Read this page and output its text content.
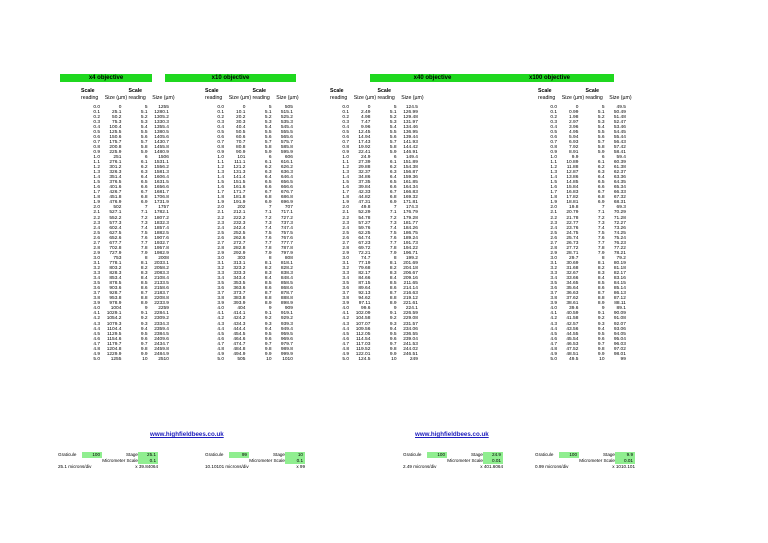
x4 objective
Scale
reading	Size (µm)
0.0	0
0.1	25.1
0.2	50.2
0.3	75.3
0.4	100.4
0.5	125.5
0.6	150.6
0.7	175.7
0.8	200.8
0.9	225.9
1.0	251
1.1	276.1
1.2	301.2
1.3	326.3
1.4	351.4
1.5	376.5
1.6	401.6
1.7	426.7
1.8	451.8
1.9	476.9
2.0	502
2.1	527.1
2.2	552.2
2.3	577.3
2.4	602.4
2.5	627.5
2.6	652.6
2.7	677.7
2.8	702.8
2.9	727.9
3.0	753
3.1	778.1
3.2	803.2
3.3	828.3
3.4	853.4
3.5	878.5
3.6	903.6
3.7	928.7
3.8	953.8
3.9	978.9
4.0	1004
4.1	1029.1
4.2	1054.2
4.3	1079.3
4.4	1104.4
4.5	1129.5
4.6	1154.6
4.7	1179.7
4.8	1204.8
4.9	1229.9
5.0	1255
Scale
reading	Size (µm)
5	1255
5.1	1280.1
5.2	1305.2
5.3	1330.3
5.4	1355.4
5.5	1380.5
5.6	1405.6
5.7	1430.7
5.8	1455.8
5.9	1480.9
6	1506
6.1	1531.1
6.2	1556.2
6.3	1581.3
6.4	1606.4
6.5	1631.5
6.6	1656.6
6.7	1681.7
6.8	1706.8
6.9	1731.9
7	1757
7.1	1782.1
7.2	1807.2
7.3	1832.3
7.4	1857.4
7.5	1882.5
7.6	1907.6
7.7	1932.7
7.8	1957.8
7.9	1982.9
8	2008
8.1	2033.1
8.2	2058.2
8.3	2083.3
8.4	2108.4
8.5	2133.5
8.6	2158.6
8.7	2183.7
8.8	2208.8
8.9	2233.9
9	2259
9.1	2284.1
9.2	2309.2
9.3	2334.3
9.4	2359.4
9.5	2384.5
9.6	2409.6
9.7	2434.7
9.8	2459.8
9.9	2484.9
10	2510
x10 objective
Scale
reading	Size (µm)
0.0	0
0.1	10.1
0.2	20.2
0.3	30.3
0.4	40.4
0.5	50.5
0.6	60.6
0.7	70.7
0.8	80.8
0.9	90.9
1.0	101
1.1	111.1
1.2	121.2
1.3	131.3
1.4	141.4
1.5	151.5
1.6	161.6
1.7	171.7
1.8	181.8
1.9	191.9
2.0	202
2.1	212.1
2.2	222.2
2.3	232.3
2.4	242.4
2.5	252.5
2.6	262.6
2.7	272.7
2.8	282.8
2.9	292.9
3.0	303
3.1	313.1
3.2	323.2
3.3	333.3
3.4	343.4
3.5	353.5
3.6	363.6
3.7	373.7
3.8	383.8
3.9	393.9
4.0	404
4.1	414.1
4.2	424.2
4.3	434.3
4.4	444.4
4.5	454.5
4.6	464.6
4.7	474.7
4.8	484.8
4.9	494.9
5.0	505
Scale
reading	Size (µm)
5	505
5.1	515.1
5.2	525.2
5.3	535.3
5.4	545.4
5.5	555.5
5.6	565.6
5.7	575.7
5.8	585.8
5.9	595.9
6	606
6.1	616.1
6.2	626.2
6.3	636.3
6.4	646.4
6.5	656.5
6.6	666.6
6.7	676.7
6.8	686.8
6.9	696.9
7	707
7.1	717.1
7.2	727.2
7.3	737.3
7.4	747.4
7.5	757.5
7.6	767.6
7.7	777.7
7.8	787.8
7.9	797.9
8	808
8.1	818.1
8.2	828.2
8.3	838.3
8.4	848.4
8.5	858.5
8.6	868.6
8.7	878.7
8.8	888.8
8.9	898.9
9	909
9.1	919.1
9.2	929.2
9.3	939.3
9.4	949.4
9.5	959.5
9.6	969.6
9.7	979.7
9.8	989.8
9.9	999.9
10	1010
x40 objective
Scale
reading	Size (µm)
0.0	0
0.1	2.49
0.2	4.98
0.3	7.47
0.4	9.96
0.5	12.45
0.6	14.94
0.7	17.43
0.8	19.92
0.9	22.41
1.0	24.9
1.1	27.39
1.2	29.88
1.3	32.37
1.4	34.86
1.5	37.35
1.6	39.84
1.7	42.33
1.8	44.82
1.9	47.31
2.0	49.8
2.1	52.29
2.2	54.78
2.3	57.27
2.4	59.76
2.5	62.25
2.6	64.74
2.7	67.23
2.8	69.72
2.9	72.21
3.0	74.7
3.1	77.19
3.2	79.68
3.3	82.17
3.4	84.66
3.5	87.15
3.6	89.64
3.7	92.13
3.8	94.62
3.9	97.11
4.0	99.6
4.1	102.09
4.2	104.58
4.3	107.07
4.4	109.56
4.5	112.05
4.6	114.54
4.7	117.03
4.8	119.52
4.9	122.01
5.0	124.5
Scale
reading	Size (µm)
5	124.5
5.1	126.99
5.2	129.48
5.3	131.97
5.4	134.46
5.5	136.95
5.6	139.44
5.7	141.93
5.8	144.42
5.9	146.91
6	149.4
6.1	151.89
6.2	154.38
6.3	156.87
6.4	159.36
6.5	161.85
6.6	164.34
6.7	166.83
6.8	169.32
6.9	171.81
7	174.3
7.1	176.79
7.2	179.28
7.3	181.77
7.4	184.26
7.5	186.75
7.6	189.24
7.7	191.73
7.8	194.22
7.9	196.71
8	199.2
8.1	201.69
8.2	204.18
8.3	206.67
8.4	209.16
8.5	211.65
8.6	214.14
8.7	216.63
8.8	219.12
8.9	221.61
9	224.1
9.1	226.59
9.2	229.08
9.3	231.57
9.4	234.06
9.5	236.55
9.6	239.04
9.7	241.53
9.8	244.02
9.9	246.51
10	249
x100 objective
Scale
reading	Size (µm)
0.0	0
0.1	0.99
0.2	1.98
0.3	2.97
0.4	3.96
0.5	4.95
0.6	5.94
0.7	6.93
0.8	7.92
0.9	8.91
1.0	9.9
1.1	10.89
1.2	11.88
1.3	12.87
1.4	13.86
1.5	14.85
1.6	15.84
1.7	16.83
1.8	17.82
1.9	18.81
2.0	19.8
2.1	20.79
2.2	21.78
2.3	22.77
2.4	23.76
2.5	24.75
2.6	25.74
2.7	26.73
2.8	27.72
2.9	28.71
3.0	29.7
3.1	30.69
3.2	31.68
3.3	32.67
3.4	33.66
3.5	34.65
3.6	35.64
3.7	36.63
3.8	37.62
3.9	38.61
4.0	39.6
4.1	40.59
4.2	41.58
4.3	42.57
4.4	43.56
4.5	44.55
4.6	45.54
4.7	46.53
4.8	47.52
4.9	48.51
5.0	49.5
Scale
reading	Size (µm)
5	49.5
5.1	50.49
5.2	51.48
5.3	52.47
5.4	53.46
5.5	54.45
5.6	55.44
5.7	56.43
5.8	57.42
5.9	58.41
6	59.4
6.1	60.39
6.2	61.38
6.3	62.37
6.4	63.36
6.5	64.35
6.6	65.34
6.7	66.33
6.8	67.32
6.9	68.31
7	69.3
7.1	70.29
7.2	71.28
7.3	72.27
7.4	73.26
7.5	74.25
7.6	75.24
7.7	76.23
7.8	77.22
7.9	78.21
8	79.2
8.1	80.19
8.2	81.18
8.3	82.17
8.4	83.16
8.5	84.15
8.6	85.14
8.7	86.13
8.8	87.12
8.9	88.11
9	89.1
9.1	90.09
9.2	91.08
9.3	92.07
9.4	93.06
9.5	94.05
9.6	95.04
9.7	96.03
9.8	97.02
9.9	98.01
10	99
www.highfieldbees.co.uk	www.highfieldbees.co.uk
Graticule	100	Stage	25.1
Micrometer Scale	0.1
25.1 microns/div	x 39.84064
Graticule	99	Stage	10
Micrometer Scale	0.1
10.10101 microns/div	x 99
Graticule	100	Stage	24.9
Micrometer Scale	0.01
2.49 microns/div	x 401.6064
Graticule	100	Stage	9.9
Micrometer Scale	0.01
0.99 microns/div	x 1010.101
